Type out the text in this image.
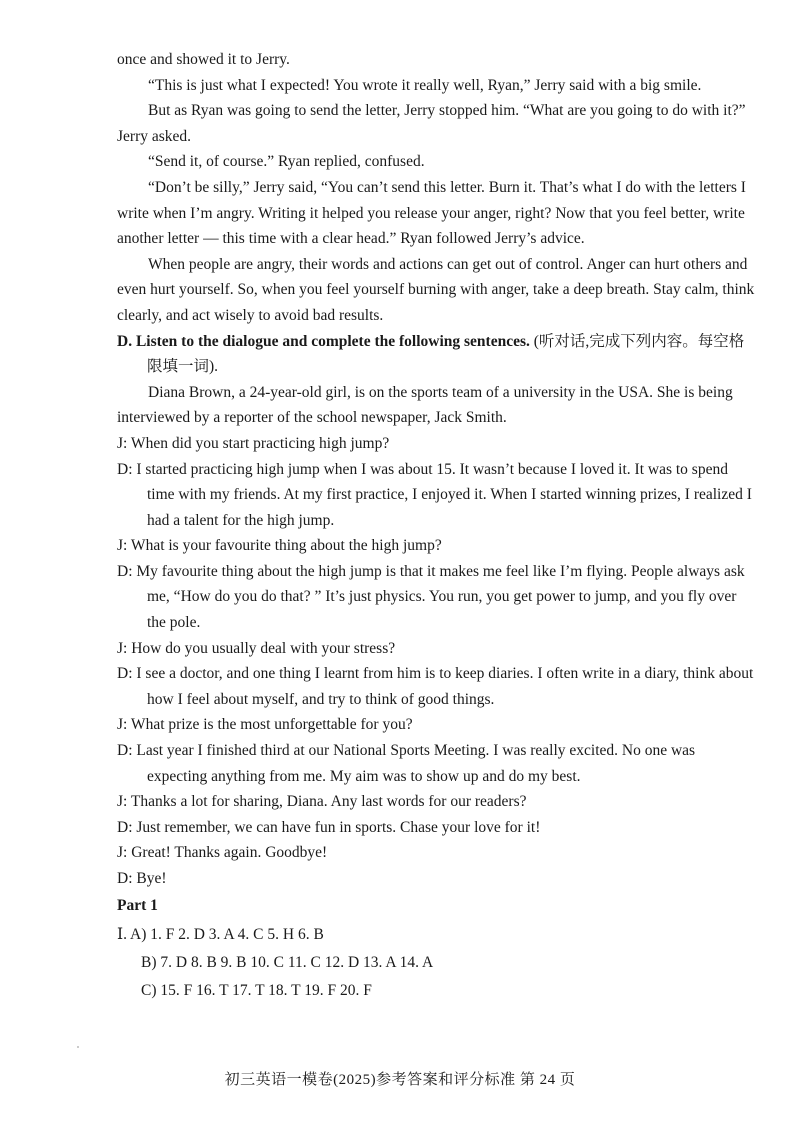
once and showed it to Jerry.

“This is just what I expected! You wrote it really well, Ryan,” Jerry said with a big smile.

But as Ryan was going to send the letter, Jerry stopped him. “What are you going to do with it?” Jerry asked.

“Send it, of course.” Ryan replied, confused.

“Don’t be silly,” Jerry said, “You can’t send this letter. Burn it. That’s what I do with the letters I write when I’m angry. Writing it helped you release your anger, right? Now that you feel better, write another letter — this time with a clear head.” Ryan followed Jerry’s advice.

When people are angry, their words and actions can get out of control. Anger can hurt others and even hurt yourself. So, when you feel yourself burning with anger, take a deep breath. Stay calm, think clearly, and act wisely to avoid bad results.

D. Listen to the dialogue and complete the following sentences. (听对话,完成下列内容。每空格限填一词).

Diana Brown, a 24-year-old girl, is on the sports team of a university in the USA. She is being interviewed by a reporter of the school newspaper, Jack Smith.

J: When did you start practicing high jump?

D: I started practicing high jump when I was about 15. It wasn’t because I loved it. It was to spend time with my friends. At my first practice, I enjoyed it. When I started winning prizes, I realized I had a talent for the high jump.

J: What is your favourite thing about the high jump?

D: My favourite thing about the high jump is that it makes me feel like I’m flying. People always ask me, “How do you do that? ” It’s just physics. You run, you get power to jump, and you fly over the pole.

J: How do you usually deal with your stress?

D: I see a doctor, and one thing I learnt from him is to keep diaries. I often write in a diary, think about how I feel about myself, and try to think of good things.

J: What prize is the most unforgettable for you?

D: Last year I finished third at our National Sports Meeting. I was really excited. No one was expecting anything from me. My aim was to show up and do my best.

J: Thanks a lot for sharing, Diana. Any last words for our readers?

D: Just remember, we can have fun in sports. Chase your love for it!

J: Great! Thanks again. Goodbye!

D: Bye!

Part 1

Ⅰ. A) 1. F 2. D 3. A 4. C 5. H 6. B

B) 7. D 8. B 9. B 10. C 11. C 12. D 13. A 14. A

C) 15. F 16. T 17. T 18. T 19. F 20. F

初三英语一模卷(2025)参考答案和评分标准 第 24 页
